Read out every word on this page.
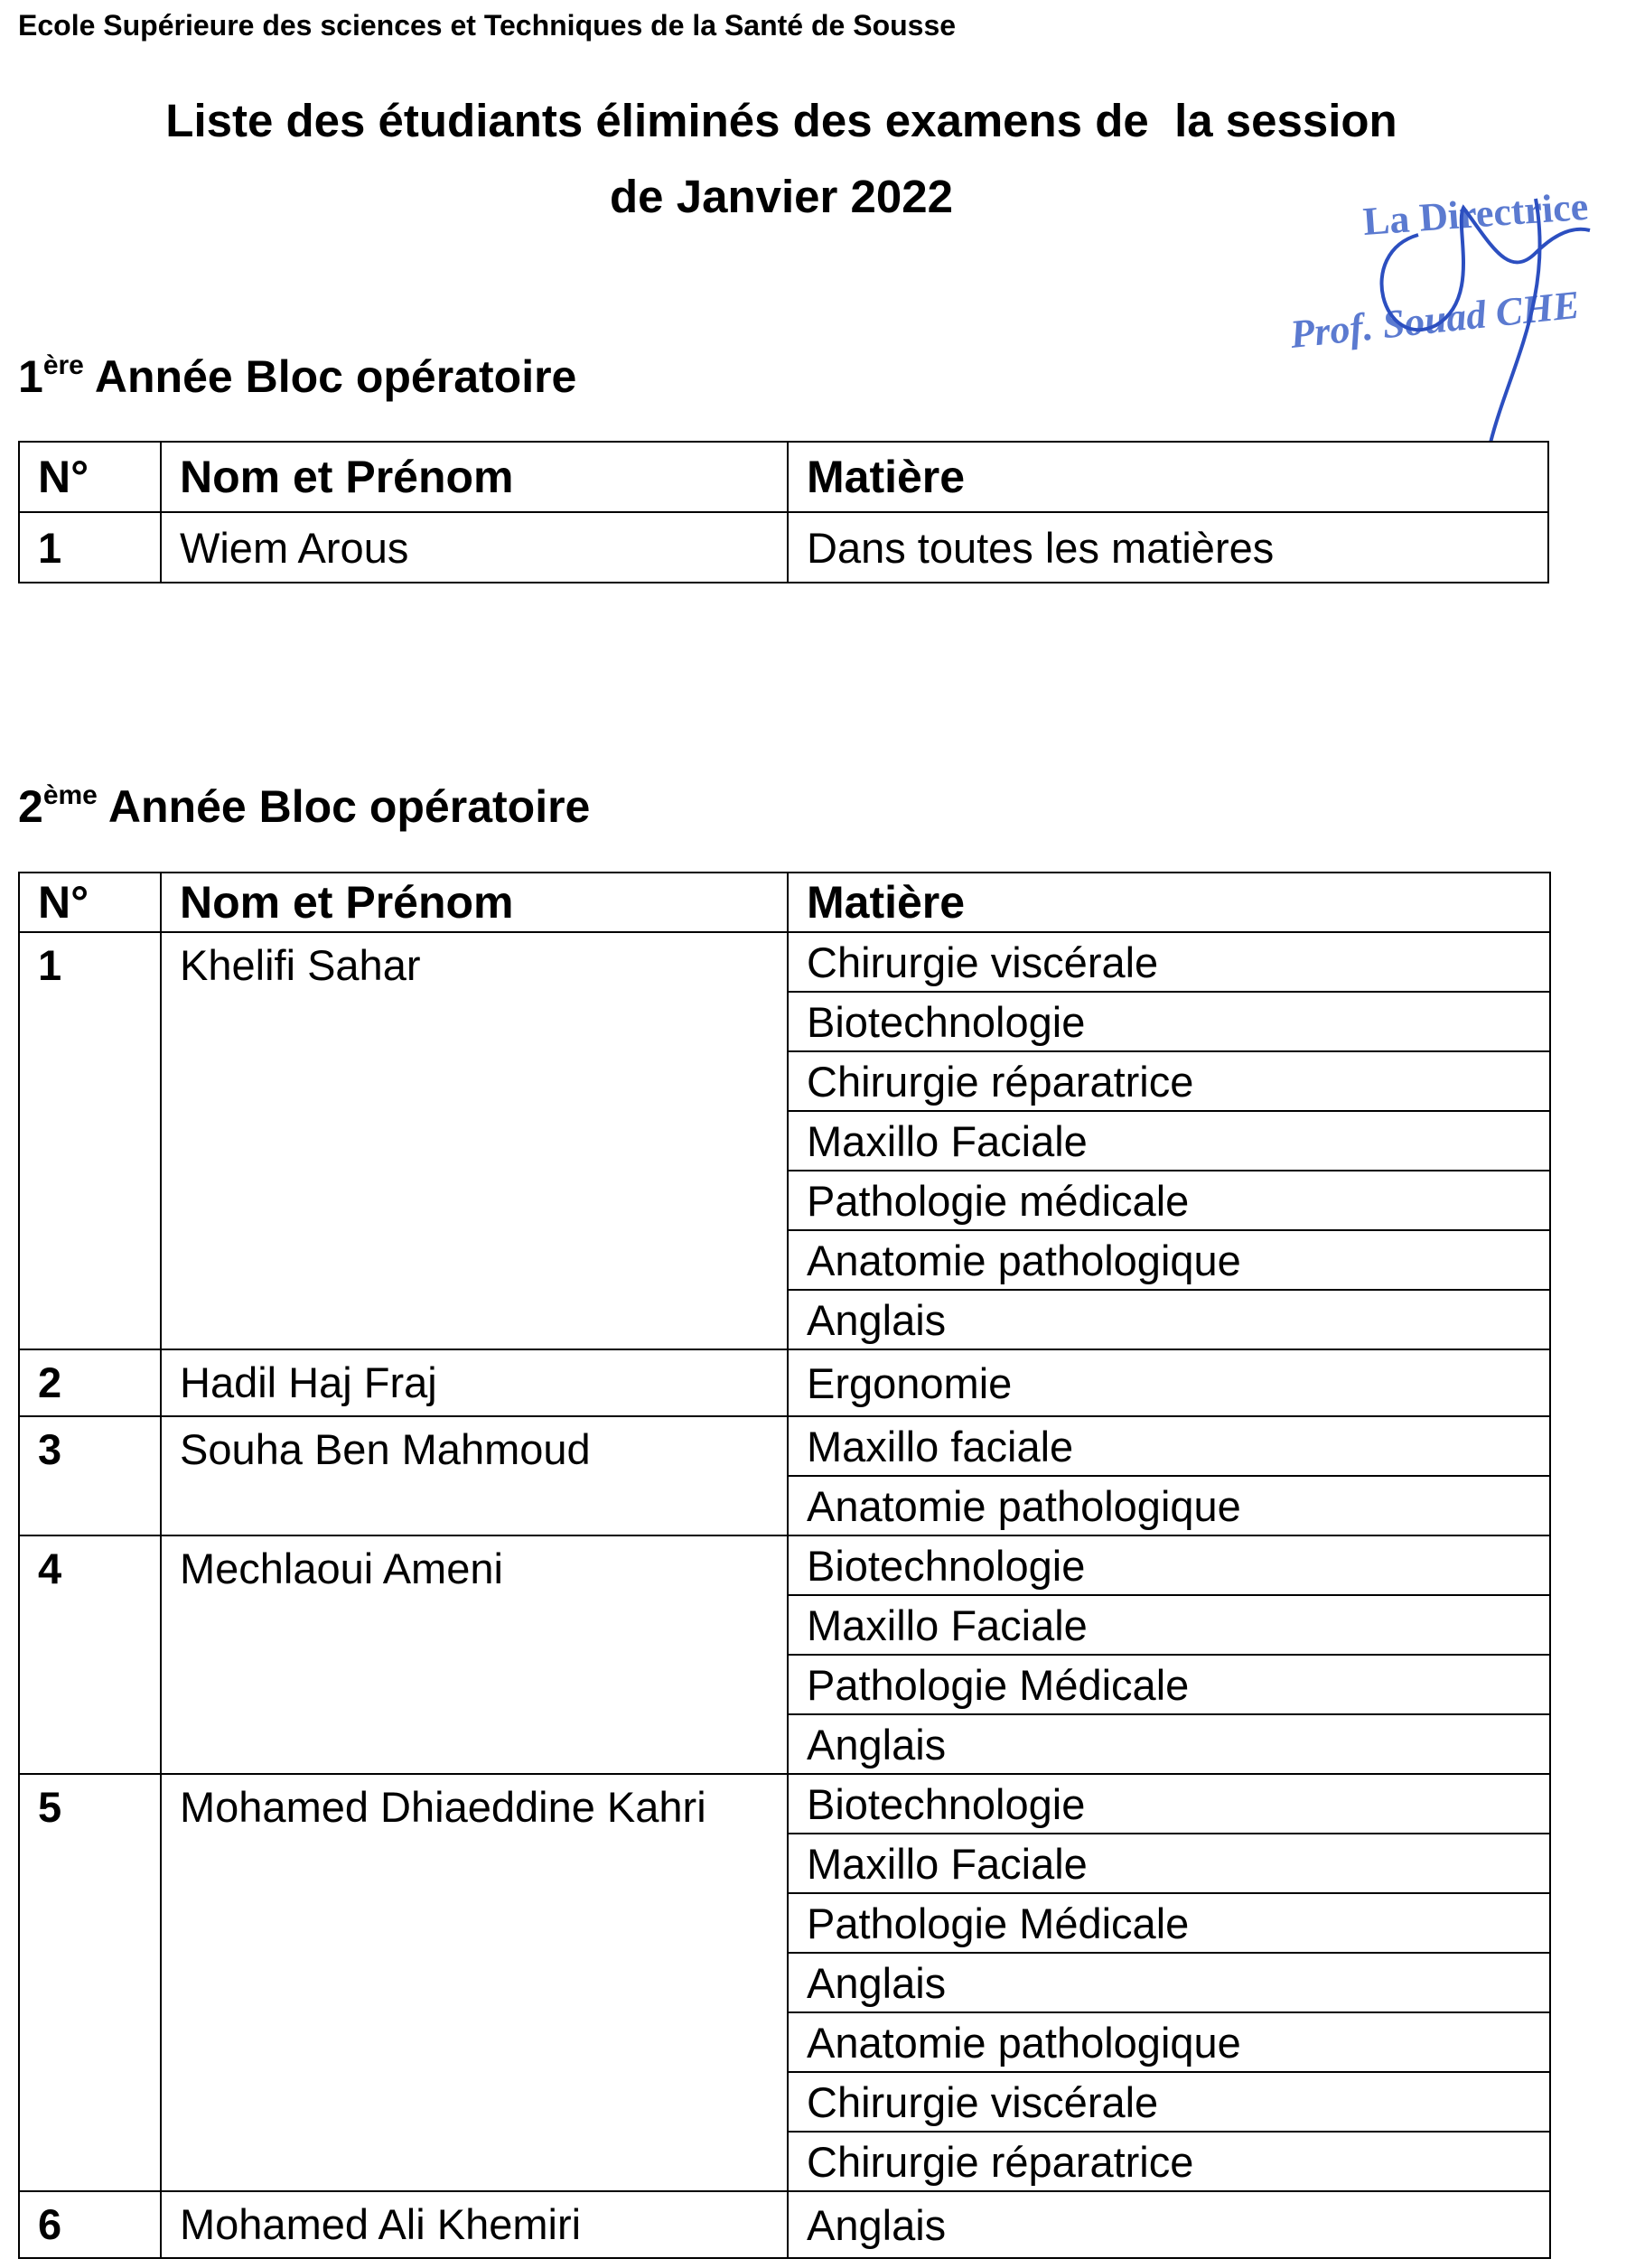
Ecole Supérieure des sciences et Techniques de la Santé de Sousse
Liste des étudiants éliminés des examens de  la session
de Janvier 2022	La Directrice
Prof. Souad CHE
1ère Année Bloc opératoire
N°	Nom et Prénom	Matière
1	Wiem Arous	Dans toutes les matières
2ème Année Bloc opératoire
N°	Nom et Prénom	Matière
1	Khelifi Sahar	Chirurgie viscérale
		Biotechnologie
		Chirurgie réparatrice
		Maxillo Faciale
		Pathologie médicale
		Anatomie pathologique
		Anglais
2	Hadil Haj Fraj	Ergonomie
3	Souha Ben Mahmoud	Maxillo faciale
		Anatomie pathologique
4	Mechlaoui Ameni	Biotechnologie
		Maxillo Faciale
		Pathologie Médicale
		Anglais
5	Mohamed Dhiaeddine Kahri	Biotechnologie
		Maxillo Faciale
		Pathologie Médicale
		Anglais
		Anatomie pathologique
		Chirurgie viscérale
		Chirurgie réparatrice
6	Mohamed Ali Khemiri	Anglais
